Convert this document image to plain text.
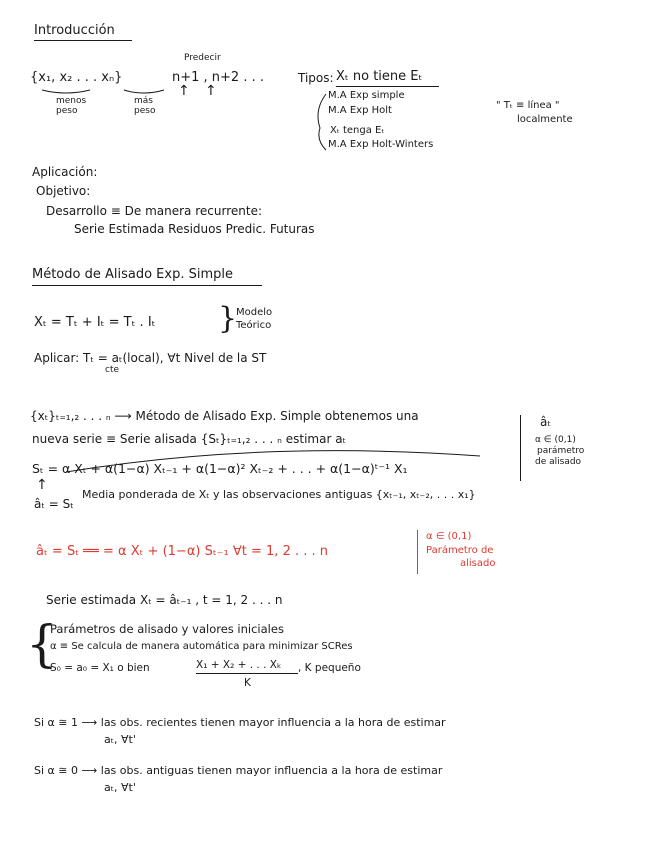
Introducción
{x₁, x₂ . . . xₙ}
menos peso
más peso
Predecir
n+1 , n+2 . . .
↑ ↑
Tipos: Xₜ no tiene Eₜ
M.A Exp simple
M.A Exp Holt
Xₜ tenga Eₜ
M.A Exp Holt-Winters
" Tₜ ≡ línea "
localmente
Aplicación:
Objetivo:
Desarrollo ≡ De manera recurrente:
Serie Estimada Residuos Predic. Futuras
Método de Alisado Exp. Simple
Xₜ = Tₜ + Iₜ = Tₜ . Iₜ }
Modelo
Teórico
Aplicar: Tₜ = aₜ(local), ∀t Nivel de la ST
cte
{xₜ}ₜ₌₁,₂ . . . ₙ ⟶ Método de Alisado Exp. Simple obtenemos una
nueva serie ≡ Serie alisada {Sₜ}ₜ₌₁,₂ . . . ₙ estimar aₜ
Sₜ = α Xₜ + α(1−α) Xₜ₋₁ + α(1−α)² Xₜ₋₂ + . . . + α(1−α)ᵗ⁻¹ X₁
âₜ
α ∈ (0,1)
parámetro
de alisado
↑
âₜ = Sₜ
Media ponderada de Xₜ y las observaciones antiguas {xₜ₋₁, xₜ₋₂, . . . x₁}
âₜ = Sₜ ══ = α Xₜ + (1−α) Sₜ₋₁ ∀t = 1, 2 . . . n
α ∈ (0,1)
Parámetro de
alisado
Serie estimada Xₜ = âₜ₋₁ , t = 1, 2 . . . n
{
Parámetros de alisado y valores iniciales
α ≡ Se calcula de manera automática para minimizar SCRes
S₀ = a₀ = X₁ o bien	X₁ + X₂ + . . . Xₖ
K
, K pequeño
Si α ≅ 1 ⟶ las obs. recientes tienen mayor influencia a la hora de estimar
aₜ, ∀t'
Si α ≅ 0 ⟶ las obs. antiguas tienen mayor influencia a la hora de estimar
aₜ, ∀t'
